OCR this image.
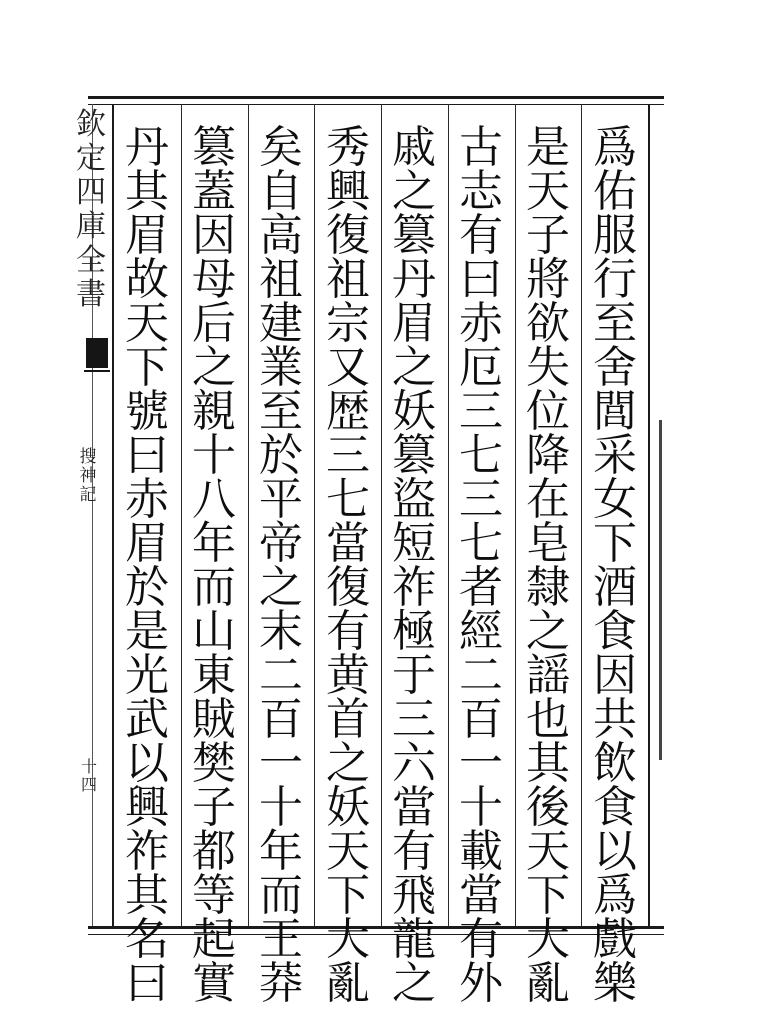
欽
定
四
庫
全
書
搜
神
記
十
四
爲
佑
服
行
至
舍
閭
采
女
下
酒
食
因
共
飲
食
以
爲
戲
樂
是
天
子
將
欲
失
位
降
在
皂
隸
之
謡
也
其
後
天
下
大
亂
古
志
有
曰
赤
厄
三
七
三
七
者
經
二
百
一
十
載
當
有
外
戚
之
篡
丹
眉
之
妖
篡
盜
短
祚
極
于
三
六
當
有
飛
龍
之
秀
興
復
祖
宗
又
歴
三
七
當
復
有
黄
首
之
妖
天
下
大
亂
矣
自
高
祖
建
業
至
於
平
帝
之
末
二
百
一
十
年
而
王
莽
篡
蓋
因
母
后
之
親
十
八
年
而
山
東
賊
樊
子
都
等
起
實
丹
其
眉
故
天
下
號
曰
赤
眉
於
是
光
武
以
興
祚
其
名
曰
